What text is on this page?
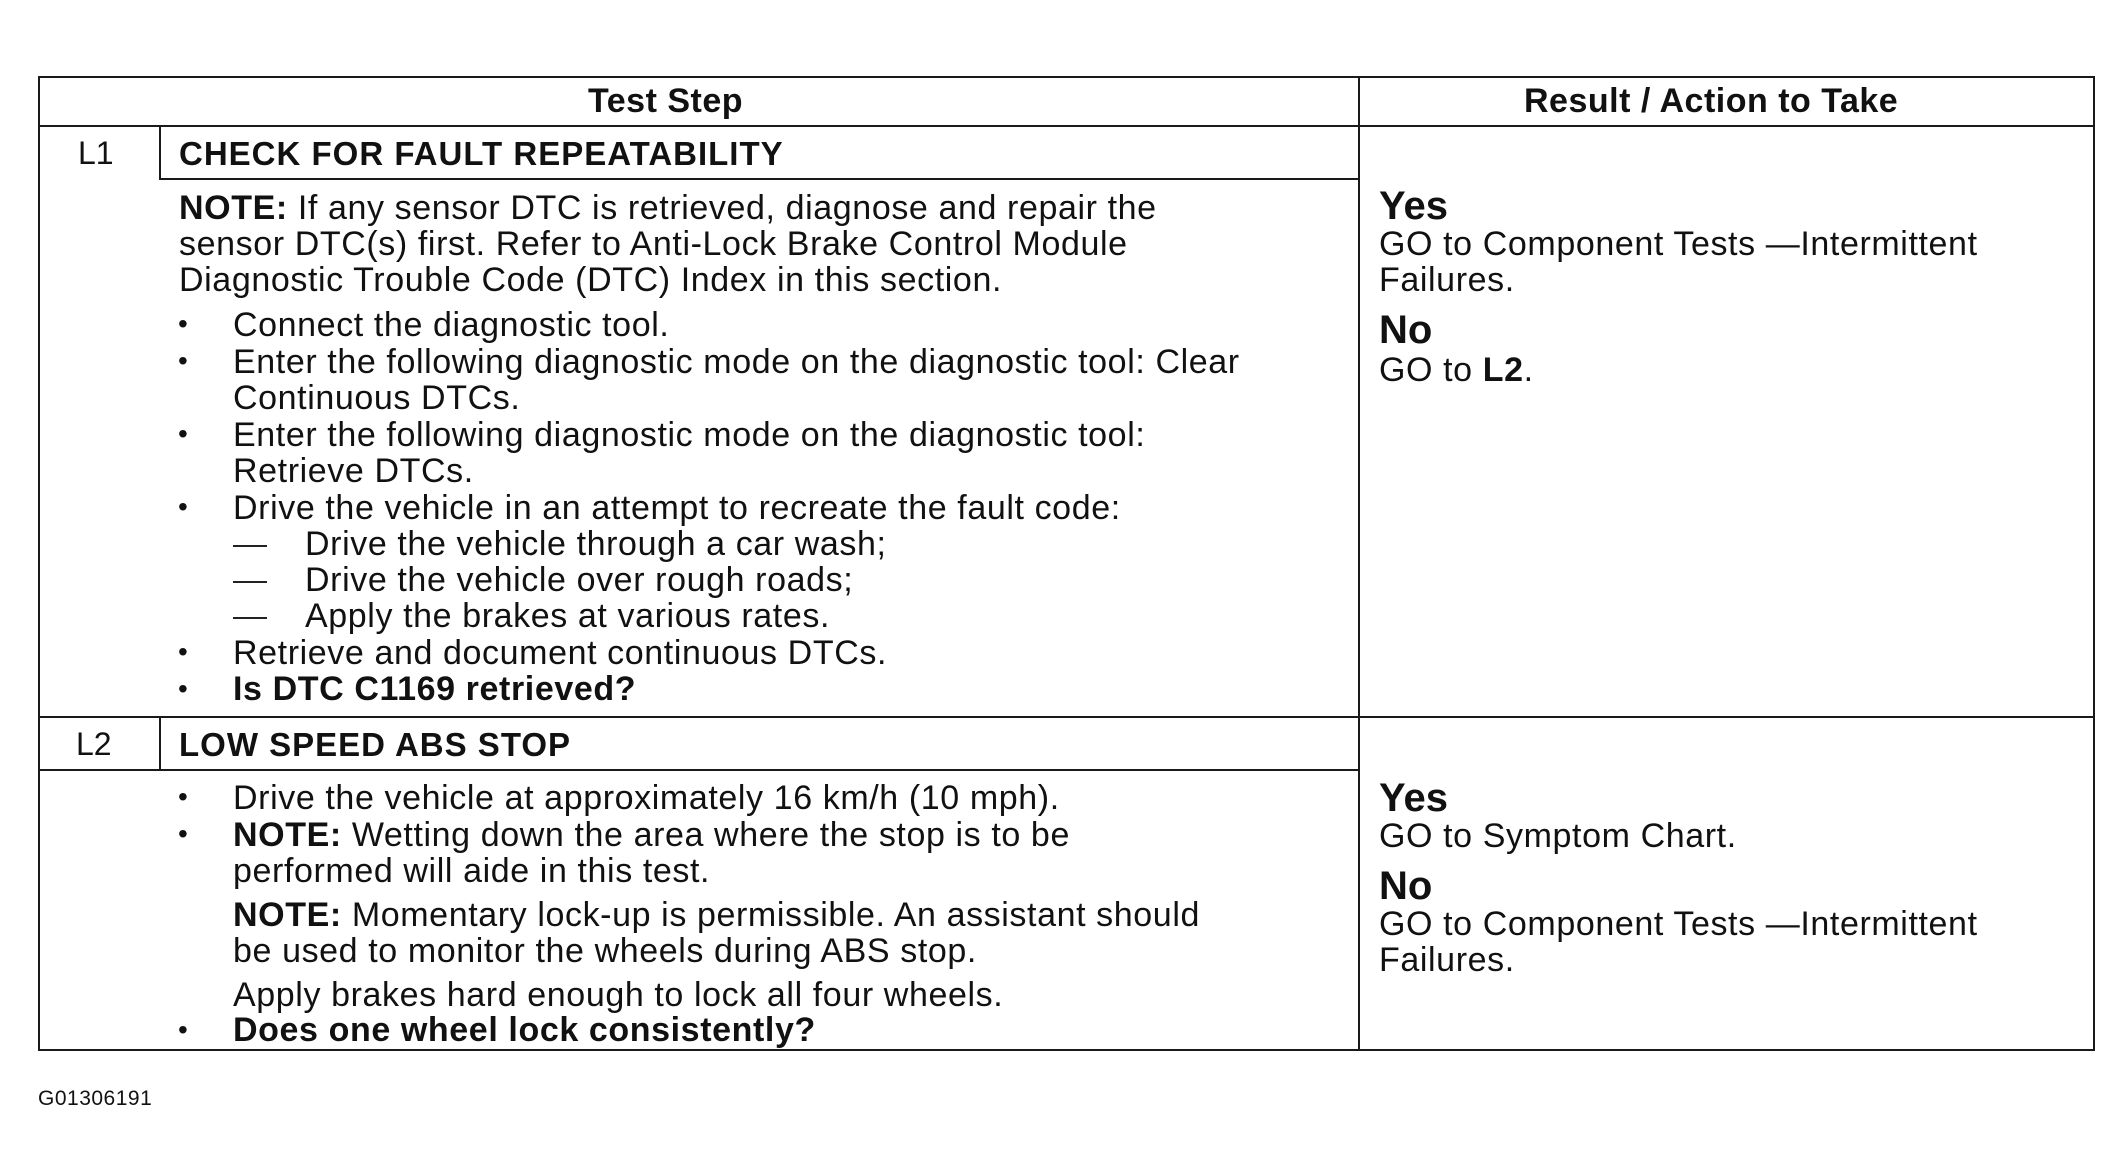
Test Step	Result / Action to Take
L1 CHECK FOR FAULT REPEATABILITY
NOTE: If any sensor DTC is retrieved, diagnose and repair the
sensor DTC(s) first. Refer to Anti-Lock Brake Control Module
Diagnostic Trouble Code (DTC) Index in this section.
• Connect the diagnostic tool.
• Enter the following diagnostic mode on the diagnostic tool: Clear
Continuous DTCs.
• Enter the following diagnostic mode on the diagnostic tool:
Retrieve DTCs.
• Drive the vehicle in an attempt to recreate the fault code:
Drive the vehicle through a car wash;
Drive the vehicle over rough roads;
Apply the brakes at various rates.
• Retrieve and document continuous DTCs.
• Is DTC C1169 retrieved?
Yes
GO to Component Tests —Intermittent
Failures.
No
GO to L2.
L2 LOW SPEED ABS STOP
• Drive the vehicle at approximately 16 km/h (10 mph).
• NOTE: Wetting down the area where the stop is to be
performed will aide in this test.
NOTE: Momentary lock-up is permissible. An assistant should
be used to monitor the wheels during ABS stop.
Apply brakes hard enough to lock all four wheels.
• Does one wheel lock consistently?
Yes
GO to Symptom Chart.
No
GO to Component Tests —Intermittent
Failures.
G01306191
